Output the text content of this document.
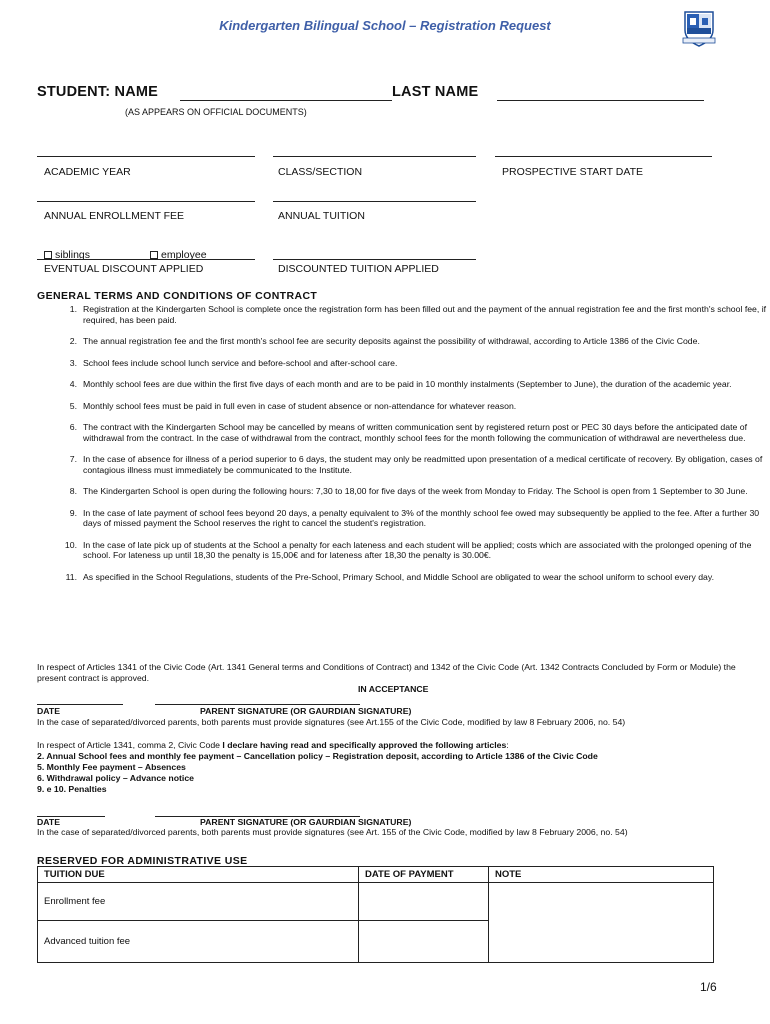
Kindergarten Bilingual School – Registration Request
STUDENT: NAME	LAST NAME
(AS APPEARS ON OFFICIAL DOCUMENTS)
ACADEMIC YEAR	CLASS/SECTION	PROSPECTIVE START DATE
ANNUAL ENROLLMENT FEE	ANNUAL TUITION
siblings	employee
EVENTUAL DISCOUNT APPLIED	DISCOUNTED TUITION APPLIED
GENERAL TERMS AND CONDITIONS OF CONTRACT
1. Registration at the Kindergarten School is complete once the registration form has been filled out and the payment of the annual registration fee and the first month's school fee, if required, has been paid.
2. The annual registration fee and the first month's school fee are security deposits against the possibility of withdrawal, according to Article 1386 of the Civic Code.
3. School fees include school lunch service and before-school and after-school care.
4. Monthly school fees are due within the first five days of each month and are to be paid in 10 monthly instalments (September to June), the duration of the academic year.
5. Monthly school fees must be paid in full even in case of student absence or non-attendance for whatever reason.
6. The contract with the Kindergarten School may be cancelled by means of written communication sent by registered return post or PEC 30 days before the anticipated date of withdrawal from the contract. In the case of withdrawal from the contract, monthly school fees for the month following the communication of withdrawal are nevertheless due.
7. In the case of absence for illness of a period superior to 6 days, the student may only be readmitted upon presentation of a medical certificate of recovery. By obligation, cases of contagious illness must immediately be communicated to the Institute.
8. The Kindergarten School is open during the following hours: 7,30 to 18,00 for five days of the week from Monday to Friday. The School is open from 1 September to 30 June.
9. In the case of late payment of school fees beyond 20 days, a penalty equivalent to 3% of the monthly school fee owed may subsequently be applied to the fee. After a further 30 days of missed payment the School reserves the right to cancel the student's registration.
10. In the case of late pick up of students at the School a penalty for each lateness and each student will be applied; costs which are associated with the prolonged opening of the school. For lateness up until 18,30 the penalty is 15,00€ and for lateness after 18,30 the penalty is 30.00€.
11. As specified in the School Regulations, students of the Pre-School, Primary School, and Middle School are obligated to wear the school uniform to school every day.
In respect of Articles 1341 of the Civic Code (Art. 1341 General terms and Conditions of Contract) and 1342 of the Civic Code (Art. 1342 Contracts Concluded by Form or Module) the present contract is approved.
IN ACCEPTANCE
DATE	PARENT SIGNATURE (OR GAURDIAN SIGNATURE)
In the case of separated/divorced parents, both parents must provide signatures (see Art.155 of the Civic Code, modified by law 8 February 2006, no. 54)
In respect of Article 1341, comma 2, Civic Code I declare having read and specifically approved the following articles:
2. Annual School fees and monthly fee payment – Cancellation policy – Registration deposit, according to Article 1386 of the Civic Code
5. Monthly Fee payment – Absences
6. Withdrawal policy – Advance notice
9. e 10. Penalties
DATE	PARENT SIGNATURE (OR GAURDIAN SIGNATURE)
In the case of separated/divorced parents, both parents must provide signatures (see Art. 155 of the Civic Code, modified by law 8 February 2006, no. 54)
RESERVED FOR ADMINISTRATIVE USE
TUITION DUE	DATE OF PAYMENT	NOTE
Enrollment fee		
Advanced tuition fee		
1/6
